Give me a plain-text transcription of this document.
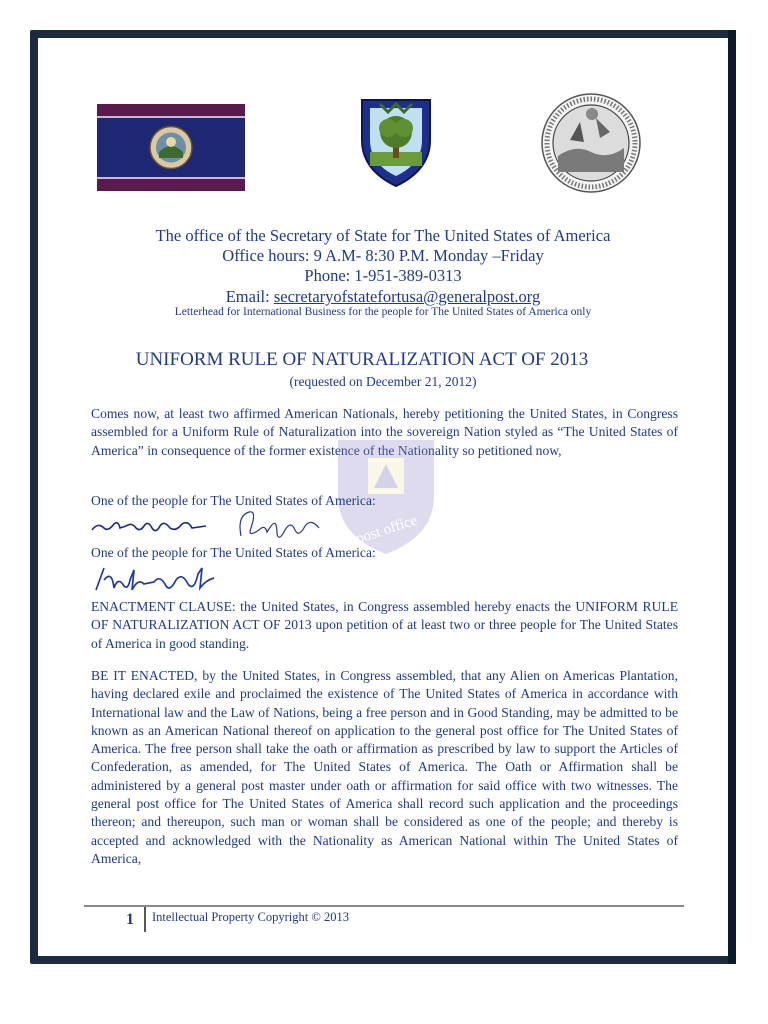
The office of the Secretary of State for The United States of America
Office hours: 9 A.M- 8:30 P.M. Monday –Friday
Phone: 1-951-389-0313
Email: secretaryofstatefortusa@generalpost.org
Letterhead for International Business for the people for The United States of America only
UNIFORM RULE OF NATURALIZATION ACT OF 2013
(requested on December 21, 2012)
Comes now, at least two affirmed American Nationals, hereby petitioning the United States, in Congress assembled for a Uniform Rule of Naturalization into the sovereign Nation styled as “The United States of America” in consequence of the former existence of the Nationality so petitioned now,
post office
One of the people for The United States of America:
One of the people for The United States of America:
ENACTMENT CLAUSE: the United States, in Congress assembled hereby enacts the UNIFORM RULE OF NATURALIZATION ACT OF 2013 upon petition of at least two or three people for The United States of America in good standing.
BE IT ENACTED, by the United States, in Congress assembled, that any Alien on Americas Plantation, having declared exile and proclaimed the existence of The United States of America in accordance with International law and the Law of Nations, being a free person and in Good Standing, may be admitted to be known as an American National thereof on application to the general post office for The United States of America. The free person shall take the oath or affirmation as prescribed by law to support the Articles of Confederation, as amended, for The United States of America. The Oath or Affirmation shall be administered by a general post master under oath or affirmation for said office with two witnesses. The general post office for The United States of America shall record such application and the proceedings thereon; and thereupon, such man or woman shall be considered as one of the people; and thereby is accepted and acknowledged with the Nationality as American National within The United States of America,
1 Intellectual Property Copyright © 2013
